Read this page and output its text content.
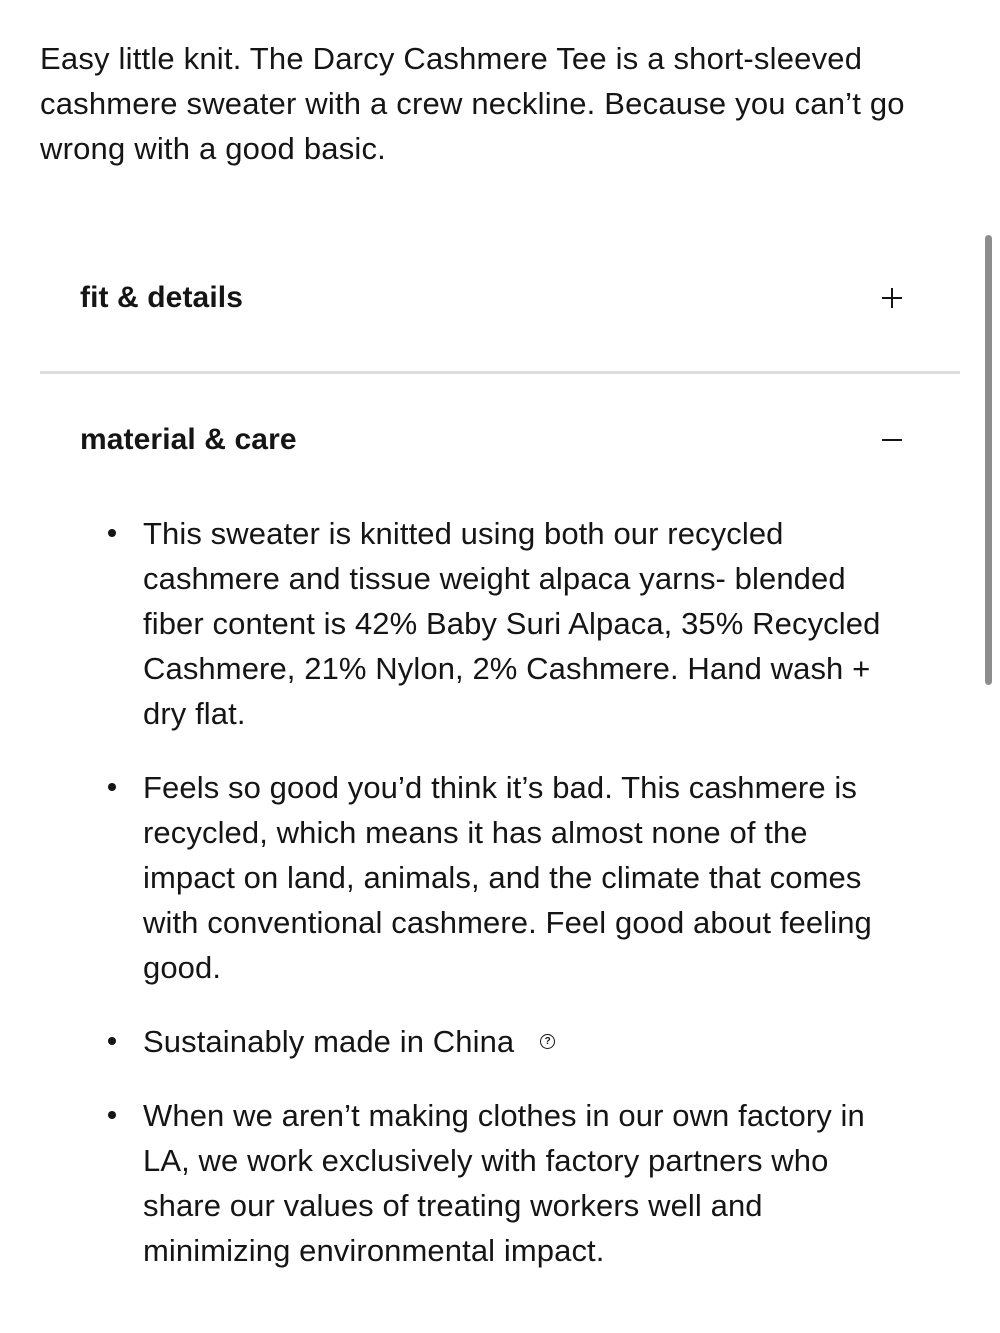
Easy little knit. The Darcy Cashmere Tee is a short-sleeved cashmere sweater with a crew neckline. Because you can’t go wrong with a good basic.

fit & details
material & care
This sweater is knitted using both our recycled cashmere and tissue weight alpaca yarns- blended fiber content is 42% Baby Suri Alpaca, 35% Recycled Cashmere, 21% Nylon, 2% Cashmere. Hand wash + dry flat.
Feels so good you’d think it’s bad. This cashmere is recycled, which means it has almost none of the impact on land, animals, and the climate that comes with conventional cashmere. Feel good about feeling good.
Sustainably made in China	?
When we aren’t making clothes in our own factory in LA, we work exclusively with factory partners who share our values of treating workers well and minimizing environmental impact.
